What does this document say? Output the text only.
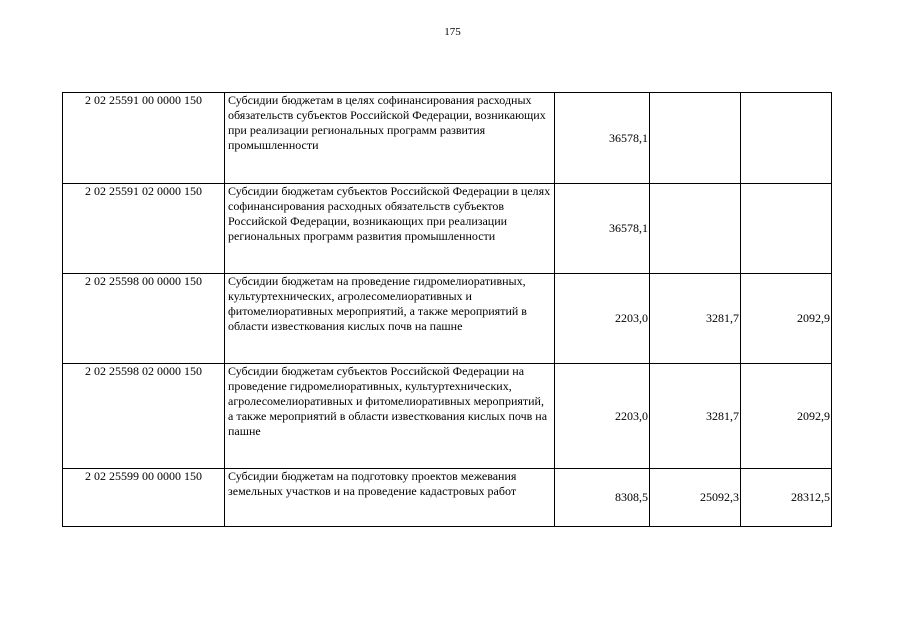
175
2 02 25591 00 0000 150	Субсидии бюджетам в целях софинансирования расходных обязательств субъектов Российской Федерации, возникающих при реализации региональных программ развития промышленности	36578,1		
2 02 25591 02 0000 150	Субсидии бюджетам субъектов Российской Федерации в целях софинансирования расходных обязательств субъектов Российской Федерации, возникающих при реализации региональных программ развития промышленности	36578,1		
2 02 25598 00 0000 150	Субсидии бюджетам на проведение гидромелиоративных, культуртехнических, агролесомелиоративных и фитомелиоративных мероприятий, а также мероприятий в области известкования кислых почв на пашне	2203,0	3281,7	2092,9
2 02 25598 02 0000 150	Субсидии бюджетам субъектов Российской Федерации на проведение гидромелиоративных, культуртехнических, агролесомелиоративных и фитомелиоративных мероприятий, а также мероприятий в области известкования кислых почв на пашне	2203,0	3281,7	2092,9
2 02 25599 00 0000 150	Субсидии бюджетам на подготовку проектов межевания земельных участков и на проведение кадастровых работ	8308,5	25092,3	28312,5
